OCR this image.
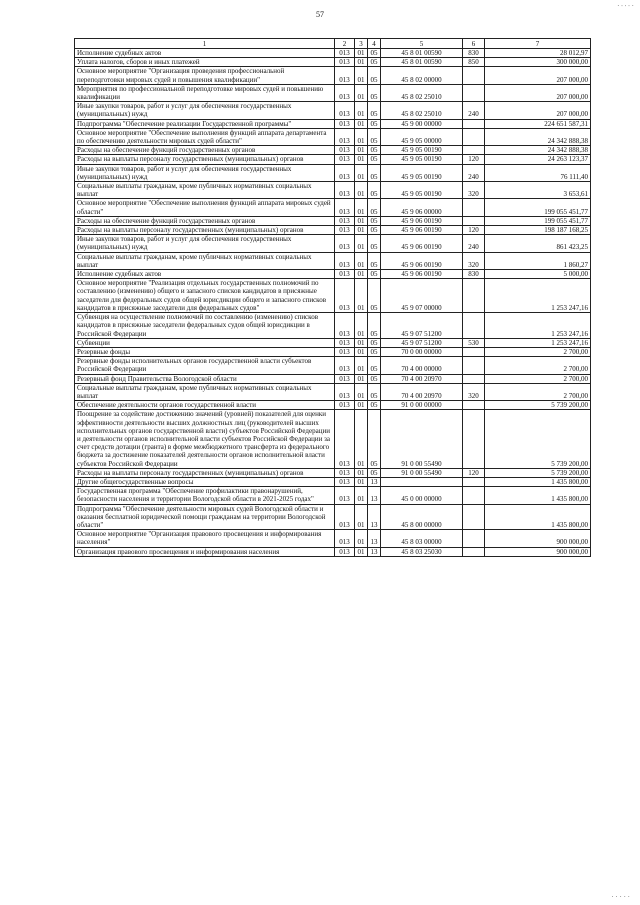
57
· ∙ ∙ ∙ ·
· · · · ·
1	2	3	4	5	6	7
Исполнение судебных актов	013	01	05	45 8 01 00590	830	28 012,97
Уплата налогов, сборов и иных платежей	013	01	05	45 8 01 00590	850	300 000,00
Основное мероприятие "Организация проведения профессиональной переподготовки мировых судей и повышения квалификации"	013	01	05	45 8 02 00000		207 000,00
Мероприятия по профессиональной переподготовке мировых судей и повышению квалификации	013	01	05	45 8 02 25010		207 000,00
Иные закупки товаров, работ и услуг для обеспечения государственных (муниципальных) нужд	013	01	05	45 8 02 25010	240	207 000,00
Подпрограмма "Обеспечение реализации Государственной программы"	013	01	05	45 9 00 00000		224 651 587,31
Основное мероприятие "Обеспечение выполнения функций аппарата департамента по обеспечению деятельности мировых судей области"	013	01	05	45 9 05 00000		24 342 888,38
Расходы на обеспечение функций государственных органов	013	01	05	45 9 05 00190		24 342 888,38
Расходы на выплаты персоналу государственных (муниципальных) органов	013	01	05	45 9 05 00190	120	24 263 123,37
Иные закупки товаров, работ и услуг для обеспечения государственных (муниципальных) нужд	013	01	05	45 9 05 00190	240	76 111,40
Социальные выплаты гражданам, кроме публичных нормативных социальных выплат	013	01	05	45 9 05 00190	320	3 653,61
Основное мероприятие "Обеспечение выполнения функций аппарата мировых судей области"	013	01	05	45 9 06 00000		199 055 451,77
Расходы на обеспечение функций государственных органов	013	01	05	45 9 06 00190		199 055 451,77
Расходы на выплаты персоналу государственных (муниципальных) органов	013	01	05	45 9 06 00190	120	198 187 168,25
Иные закупки товаров, работ и услуг для обеспечения государственных (муниципальных) нужд	013	01	05	45 9 06 00190	240	861 423,25
Социальные выплаты гражданам, кроме публичных нормативных социальных выплат	013	01	05	45 9 06 00190	320	1 860,27
Исполнение судебных актов	013	01	05	45 9 06 00190	830	5 000,00
Основное мероприятие "Реализация отдельных государственных полномочий по составлению (изменению) общего и запасного списков кандидатов в присяжные заседатели для федеральных судов общей юрисдикции общего и запасного списков кандидатов в присяжные заседатели для федеральных судов"	013	01	05	45 9 07 00000		1 253 247,16
Субвенция на осуществление полномочий по составлению (изменению) списков кандидатов в присяжные заседатели федеральных судов общей юрисдикции в Российской Федерации	013	01	05	45 9 07 51200		1 253 247,16
Субвенции	013	01	05	45 9 07 51200	530	1 253 247,16
Резервные фонды	013	01	05	70 0 00 00000		2 700,00
Резервные фонды исполнительных органов государственной власти субъектов Российской Федерации	013	01	05	70 4 00 00000		2 700,00
Резервный фонд Правительства Вологодской области	013	01	05	70 4 00 20970		2 700,00
Социальные выплаты гражданам, кроме публичных нормативных социальных выплат	013	01	05	70 4 00 20970	320	2 700,00
Обеспечение деятельности органов государственной власти	013	01	05	91 0 00 00000		5 739 200,00
Поощрение за содействие достижению значений (уровней) показателей для оценки эффективности деятельности высших должностных лиц (руководителей высших исполнительных органов государственной власти) субъектов Российской Федерации и деятельности органов исполнительной власти субъектов Российской Федерации за счет средств дотации (гранта) в форме межбюджетного трансферта из федерального бюджета за достижение показателей деятельности органов исполнительной власти субъектов Российской Федерации	013	01	05	91 0 00 55490		5 739 200,00
Расходы на выплаты персоналу государственных (муниципальных) органов	013	01	05	91 0 00 55490	120	5 739 200,00
Другие общегосударственные вопросы	013	01	13			1 435 800,00
Государственная программа "Обеспечение профилактики правонарушений, безопасности населения и территории Вологодской области в 2021-2025 годах"	013	01	13	45 0 00 00000		1 435 800,00
Подпрограмма "Обеспечение деятельности мировых судей Вологодской области и оказания бесплатной юридической помощи гражданам на территории Вологодской области"	013	01	13	45 8 00 00000		1 435 800,00
Основное мероприятие "Организация правового просвещения и информирования населения"	013	01	13	45 8 03 00000		900 000,00
Организация правового просвещения и информирования населения	013	01	13	45 8 03 25030		900 000,00
